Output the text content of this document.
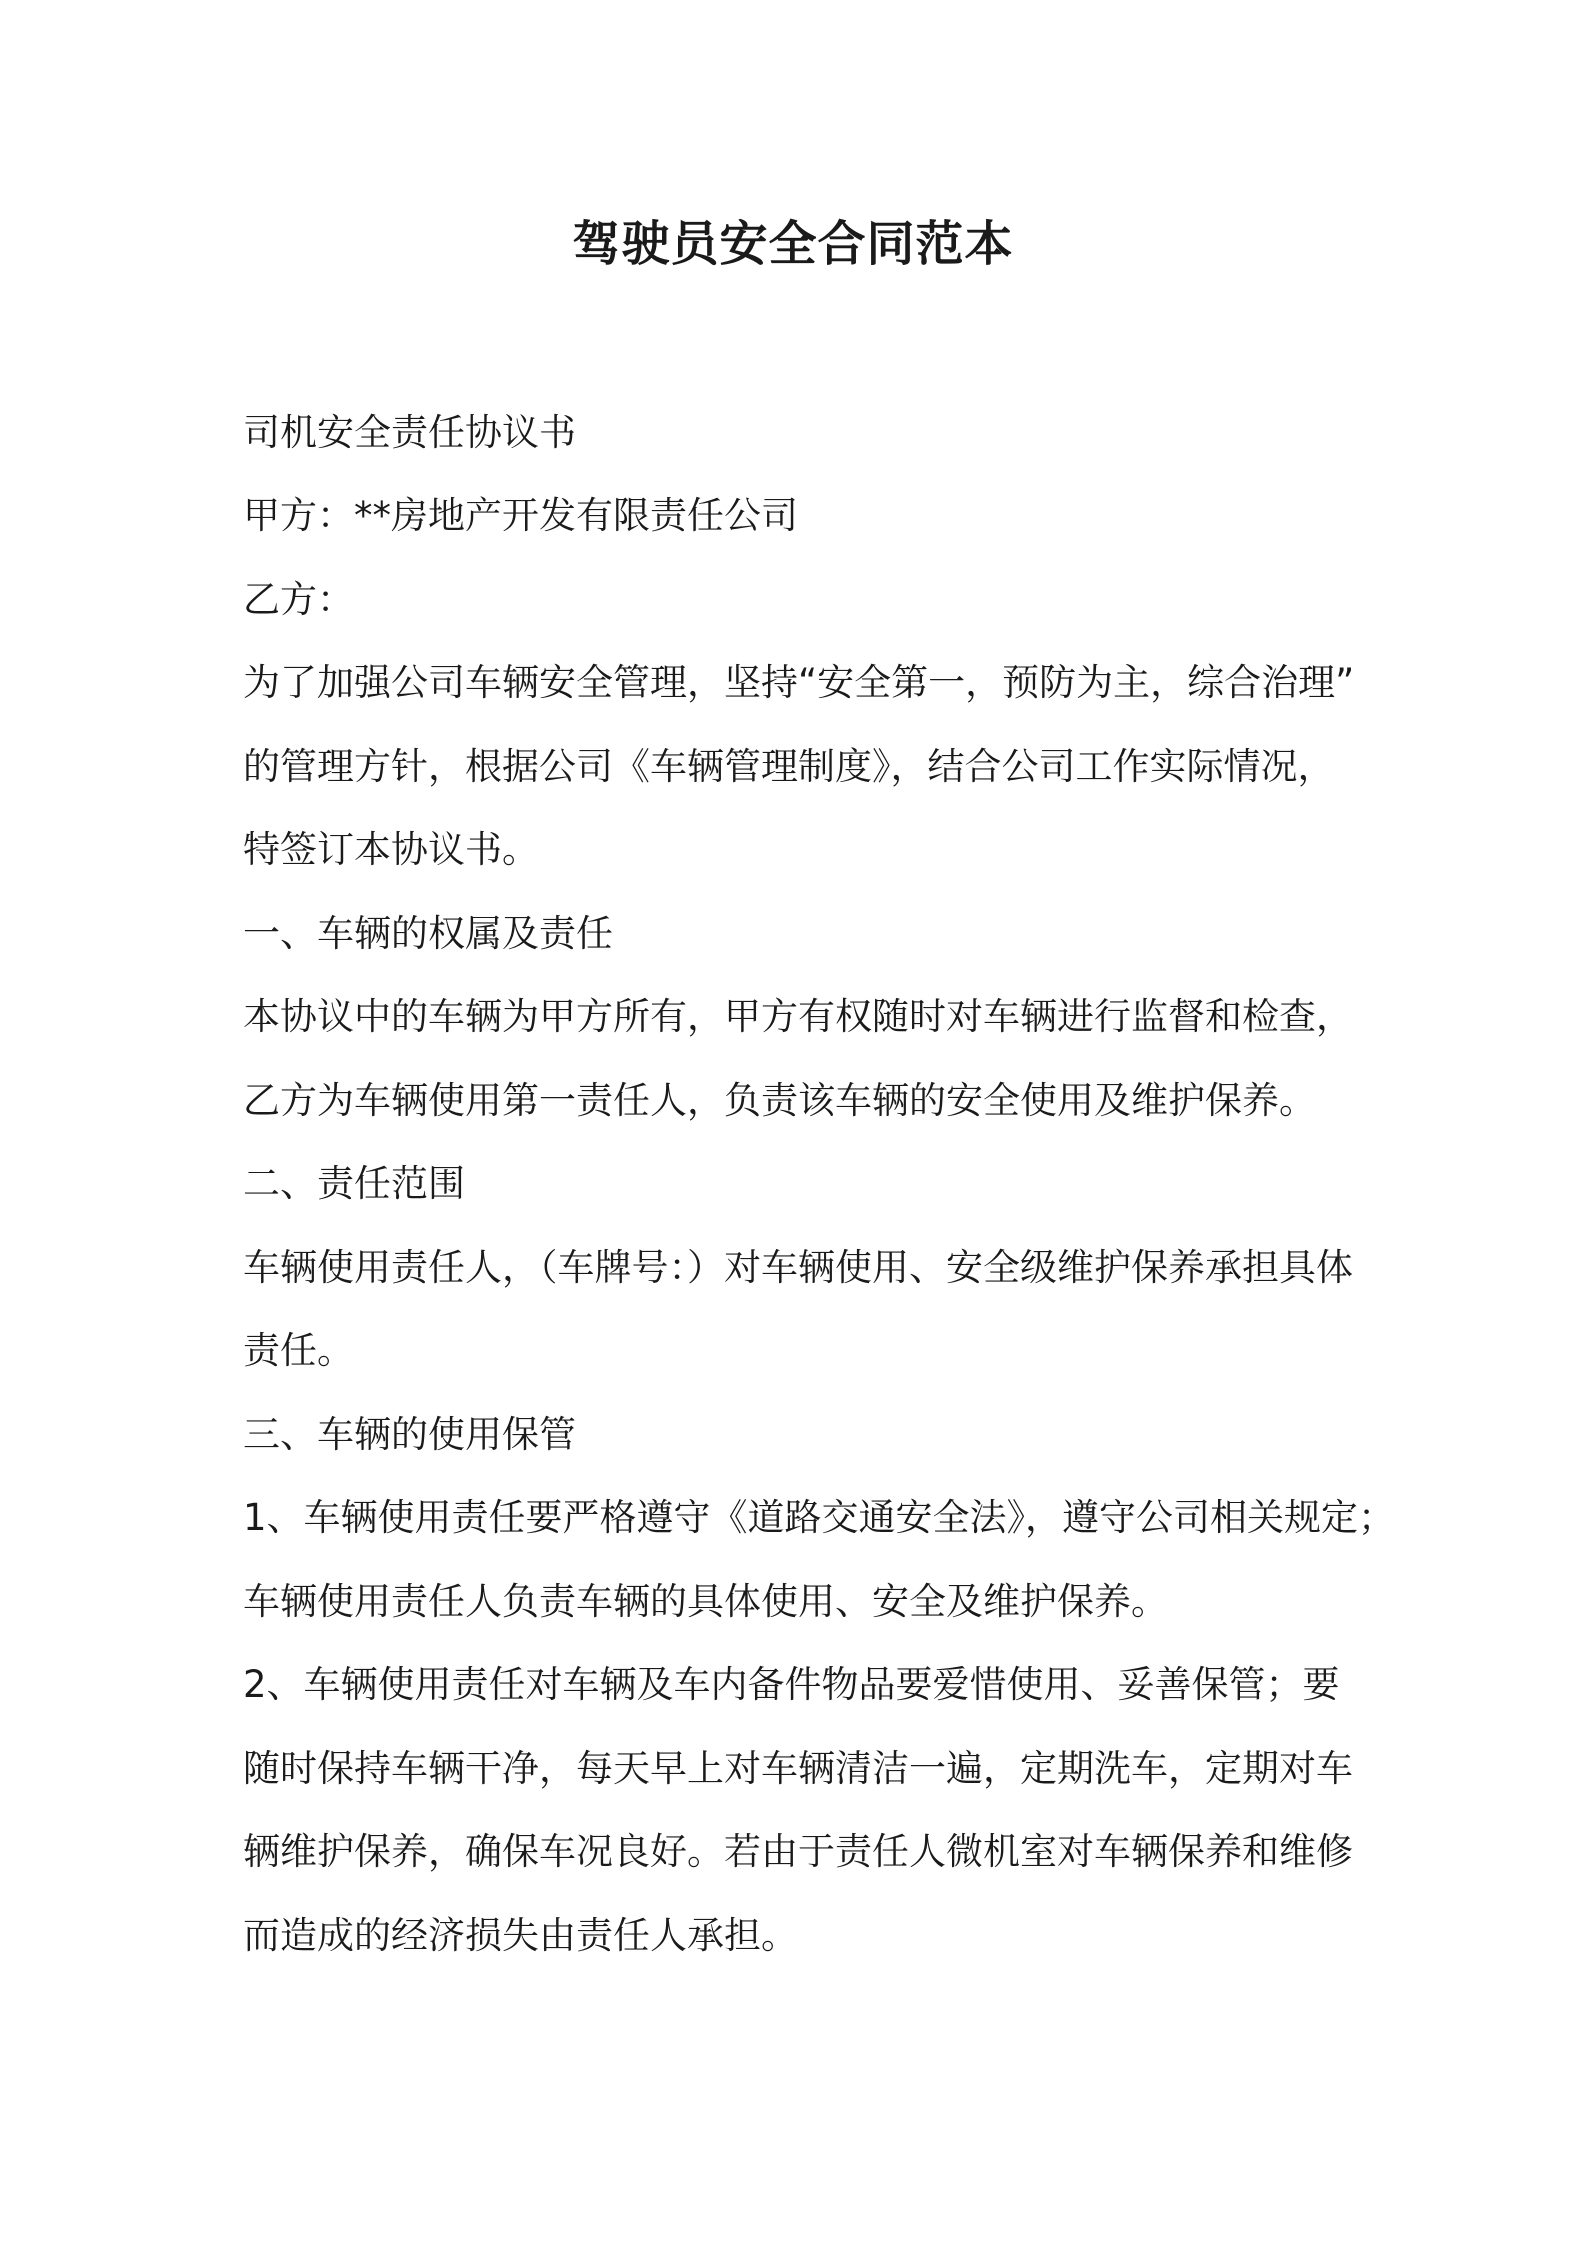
驾驶员安全合同范本
司机安全责任协议书
甲方：**房地产开发有限责任公司
乙方：
为了加强公司车辆安全管理，坚持“安全第一，预防为主，综合治理”
的管理方针，根据公司《车辆管理制度》，结合公司工作实际情况，
特签订本协议书。
一、车辆的权属及责任
本协议中的车辆为甲方所有，甲方有权随时对车辆进行监督和检查，
乙方为车辆使用第一责任人，负责该车辆的安全使用及维护保养。
二、责任范围
车辆使用责任人，（车牌号：）对车辆使用、安全级维护保养承担具体
责任。
三、车辆的使用保管
1、车辆使用责任要严格遵守《道路交通安全法》，遵守公司相关规定；
车辆使用责任人负责车辆的具体使用、安全及维护保养。
2、车辆使用责任对车辆及车内备件物品要爱惜使用、妥善保管；要
随时保持车辆干净，每天早上对车辆清洁一遍，定期洗车，定期对车
辆维护保养，确保车况良好。若由于责任人微机室对车辆保养和维修
而造成的经济损失由责任人承担。
